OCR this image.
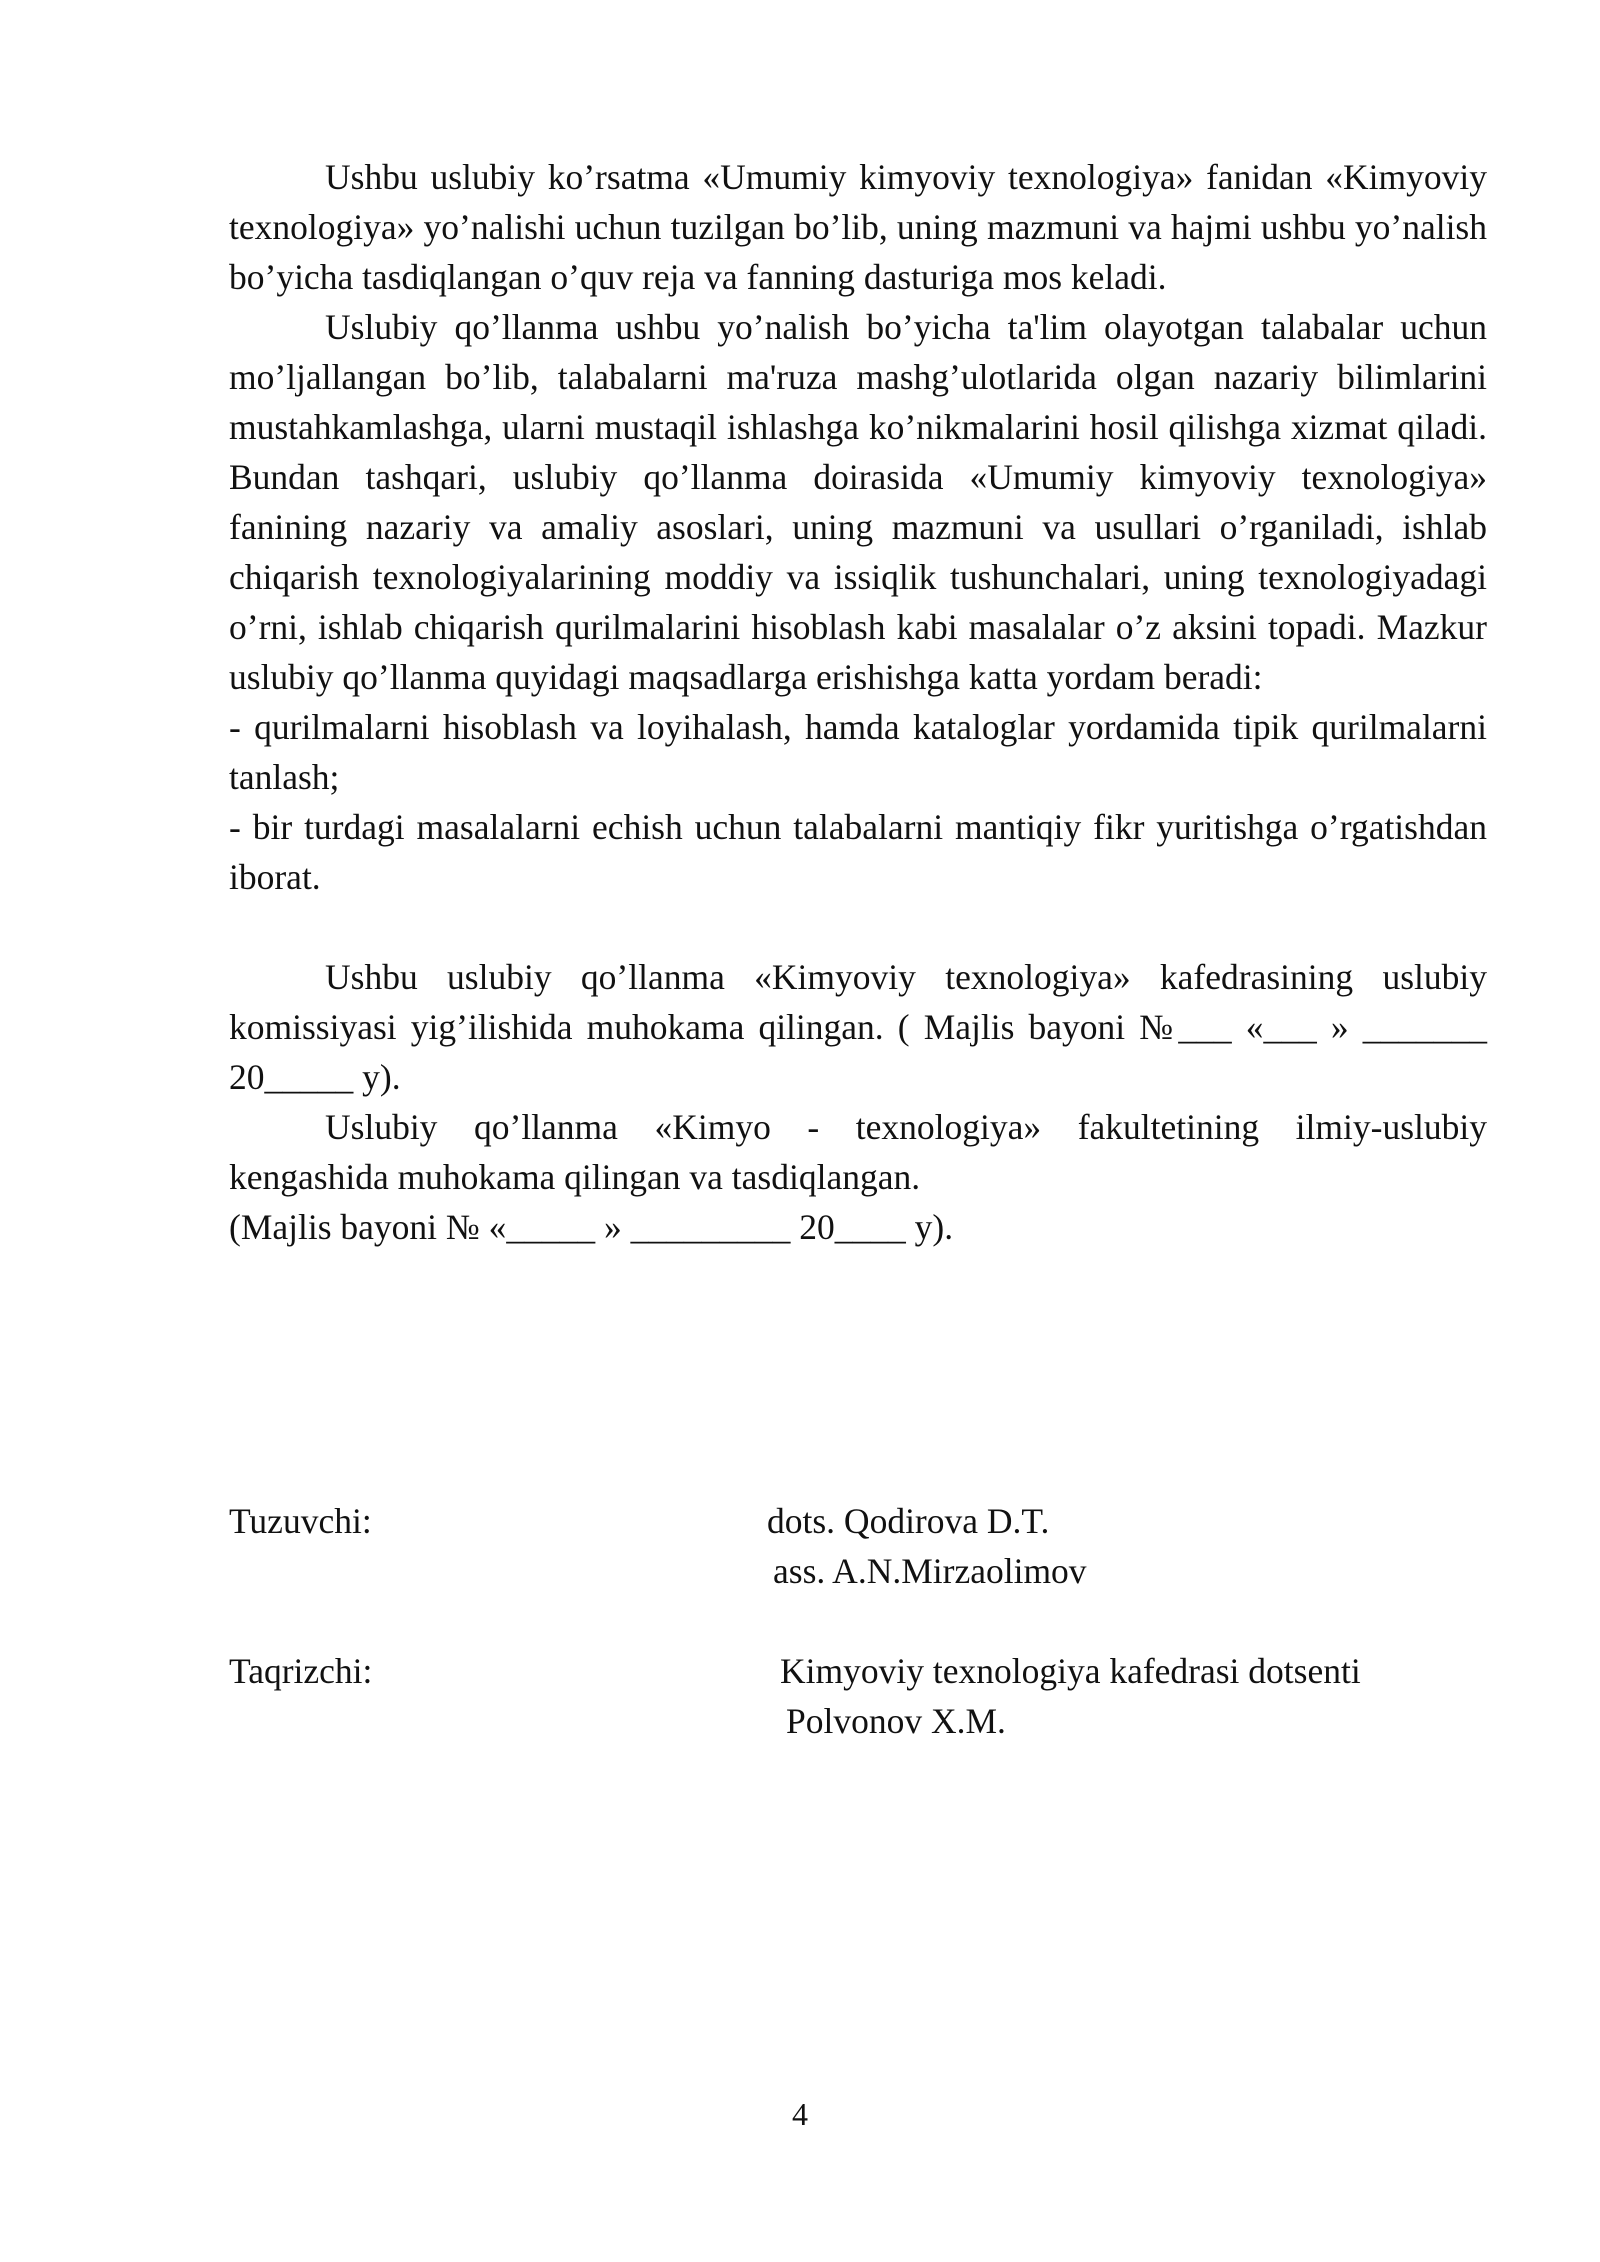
Ushbu uslubiy ko’rsatma «Umumiy kimyoviy texnologiya» fanidan «Kimyoviy texnologiya» yo’nalishi uchun tuzilgan bo’lib, uning mazmuni va hajmi ushbu yo’nalish bo’yicha tasdiqlangan o’quv reja va fanning dasturiga mos keladi.

Uslubiy qo’llanma ushbu yo’nalish bo’yicha ta'lim olayotgan talabalar uchun mo’ljallangan bo’lib, talabalarni ma'ruza mashg’ulotlarida olgan nazariy bilimlarini mustahkamlashga, ularni mustaqil ishlashga ko’nikmalarini hosil qilishga xizmat qiladi. Bundan tashqari, uslubiy qo’llanma doirasida «Umumiy kimyoviy texnologiya» fanining nazariy va amaliy asoslari, uning mazmuni va usullari o’rganiladi, ishlab chiqarish texnologiyalarining moddiy va issiqlik tushunchalari, uning texnologiyadagi o’rni, ishlab chiqarish qurilmalarini hisoblash kabi masalalar o’z aksini topadi. Mazkur uslubiy qo’llanma quyidagi maqsadlarga erishishga katta yordam beradi:

- qurilmalarni hisoblash va loyihalash, hamda kataloglar yordamida tipik qurilmalarni tanlash;

- bir turdagi masalalarni echish uchun talabalarni mantiqiy fikr yuritishga o’rgatishdan iborat.

Ushbu uslubiy qo’llanma «Kimyoviy texnologiya» kafedrasining uslubiy komissiyasi yig’ilishida muhokama qilingan. ( Majlis bayoni №___ «___ » _______ 20_____ y).

Uslubiy qo’llanma «Kimyo - texnologiya» fakultetining ilmiy-uslubiy kengashida muhokama qilingan va tasdiqlangan.

(Majlis bayoni № «_____ » _________ 20____ y).

Tuzuvchi:	dots. Qodirova D.T.
ass. A.N.Mirzaolimov
Taqrizchi:	Kimyoviy texnologiya kafedrasi dotsenti
Polvonov X.M.
4
